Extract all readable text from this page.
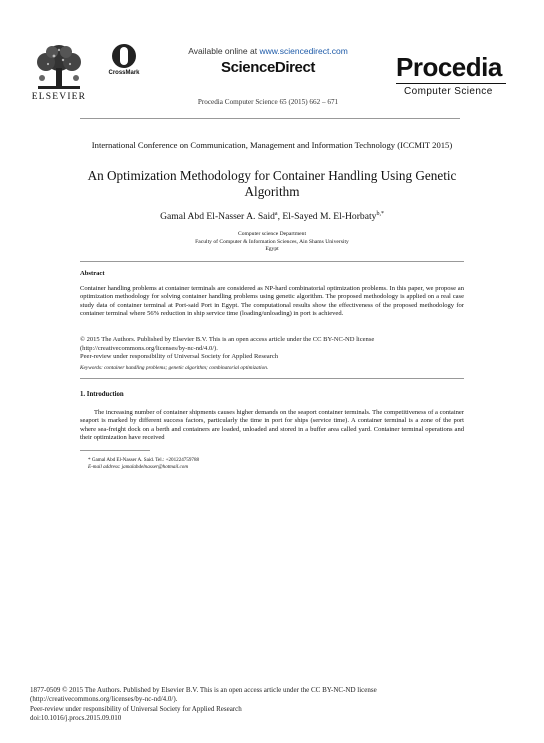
ELSEVIER
CrossMark
Available online at www.sciencedirect.com
ScienceDirect
Procedia Computer Science 65 (2015) 662 – 671
Procedia
Computer Science
International Conference on Communication, Management and Information Technology (ICCMIT 2015)
An Optimization Methodology for Container Handling Using Genetic Algorithm
Gamal Abd El-Nasser A. Said$^a$, El-Sayed M. El-Horbaty$^{b,*}$
Computer science Department
Faculty of Computer & Information Sciences, Ain Shams University
Egypt
Abstract
Container handling problems at container terminals are considered as NP-hard combinatorial optimization problems. In this paper, we propose an optimization methodology for solving container handling problems using genetic algorithm. The proposed methodology is applied on a real case study data of container terminal at Port-said Port in Egypt. The computational results show the effectiveness of the proposed methodology for container terminal where 56% reduction in ship service time (loading/unloading) in port is achieved.
© 2015 The Authors. Published by Elsevier B.V. This is an open access article under the CC BY-NC-ND license
(http://creativecommons.org/licenses/by-nc-nd/4.0/).
Peer-review under responsibility of Universal Society for Applied Research
Keywords: container handling problems; genetic algorithm; combinatorial optimization.
1. Introduction
The increasing number of container shipments causes higher demands on the seaport container terminals. The competitiveness of a container seaport is marked by different success factors, particularly the time in port for ships (service time). A container terminal is a zone of the port where sea-freight dock on a berth and containers are loaded, unloaded and stored in a buffer area called yard. Container terminal operations and their optimization have received
* Gamal Abd El-Nasser A. Said. Tel.: +201224759788
E-mail address: jamalabdelnasser@hotmail.com
1877-0509 © 2015 The Authors. Published by Elsevier B.V. This is an open access article under the CC BY-NC-ND license
(http://creativecommons.org/licenses/by-nc-nd/4.0/).
Peer-review under responsibility of Universal Society for Applied Research
doi:10.1016/j.procs.2015.09.010
